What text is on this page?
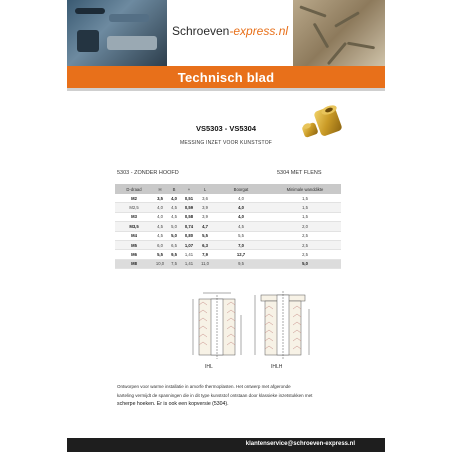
Schroeven-express.nl
Technisch blad
VS5303 - VS5304
MESSING INZET VOOR KUNSTSTOF
5303 - ZONDER HOOFD	5304 MET FLENS
D-draad	H	B	+	L	Boorgat	Minimale wanddikte
M2	3,5	4,0	0,51	3,6	4,0	1,5
M2,5	4,0	4,5	0,59	3,9	4,0	1,5
M3	4,0	4,5	0,58	3,9	4,0	1,5
M3,5	4,5	5,0	0,74	4,7	4,5	2,0
M4	4,5	5,0	0,80	5,5	5,5	2,5
M5	6,0	6,5	1,07	6,3	7,0	2,5
M6	5,5	9,5	1,41	7,9	12,7	2,5
M8	10,0	7,5	1,41	11,0	9,5	5,0
IHL	IHLH
Ontworpen voor warme installatie in amorfe thermoplasten. Het ontwerp met afgeronde
karteling vermijdt de spanningen die in dit type kunststof ontstaan door klassieke inzetstukken met
scherpe hoeken. Er is ook een kopversie (5304).
klantenservice@schroeven-express.nl
